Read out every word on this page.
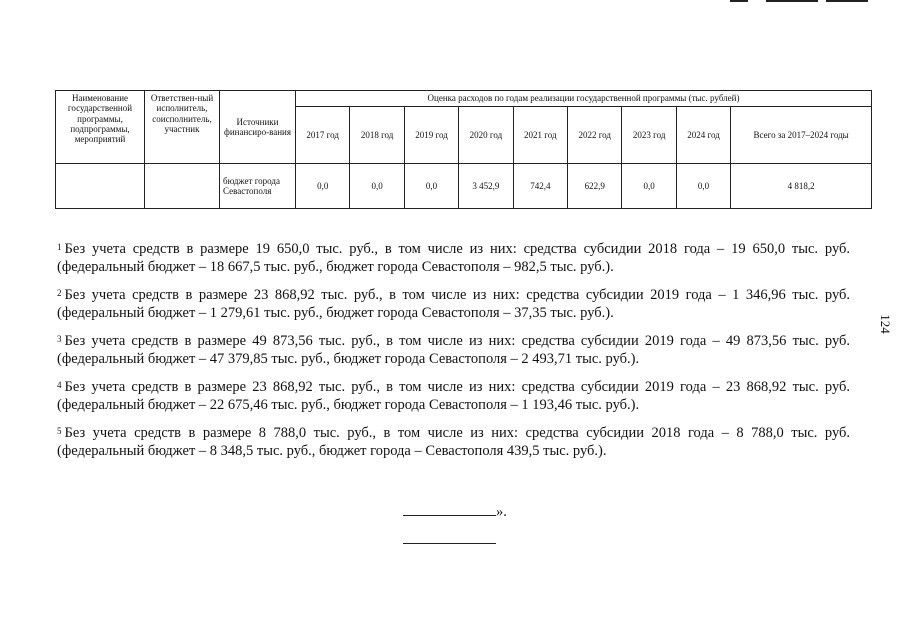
124
Наименование государственной программы, подпрограммы, мероприятий	Ответствен-ный исполнитель, соисполнитель, участник	Источники финансиро-вания	Оценка расходов по годам реализации государственной программы (тыс. рублей)								
			2017 год	2018 год	2019 год	2020 год	2021 год	2022 год	2023 год	2024 год	Всего за 2017–2024 годы
		бюджет города Севастополя	0,0	0,0	0,0	3 452,9	742,4	622,9	0,0	0,0	4 818,2

$^1$ Без учета средств в размере 19 650,0 тыс. руб., в том числе из них: средства субсидии 2018 года – 19 650,0 тыс. руб. (федеральный бюджет – 18 667,5 тыс. руб., бюджет города Севастополя – 982,5 тыс. руб.).

$^2$ Без учета средств в размере 23 868,92 тыс. руб., в том числе из них: средства субсидии 2019 года – 1 346,96 тыс. руб. (федеральный бюджет – 1 279,61 тыс. руб., бюджет города Севастополя – 37,35 тыс. руб.).

$^3$ Без учета средств в размере 49 873,56 тыс. руб., в том числе из них: средства субсидии 2019 года – 49 873,56 тыс. руб. (федеральный бюджет – 47 379,85 тыс. руб., бюджет города Севастополя – 2 493,71 тыс. руб.).

$^4$ Без учета средств в размере 23 868,92 тыс. руб., в том числе из них: средства субсидии 2019 года – 23 868,92 тыс. руб. (федеральный бюджет – 22 675,46 тыс. руб., бюджет города Севастополя – 1 193,46 тыс. руб.).

$^5$ Без учета средств в размере 8 788,0 тыс. руб., в том числе из них: средства субсидии 2018 года – 8 788,0 тыс. руб. (федеральный бюджет – 8 348,5 тыс. руб., бюджет города – Севастополя 439,5 тыс. руб.).

».
